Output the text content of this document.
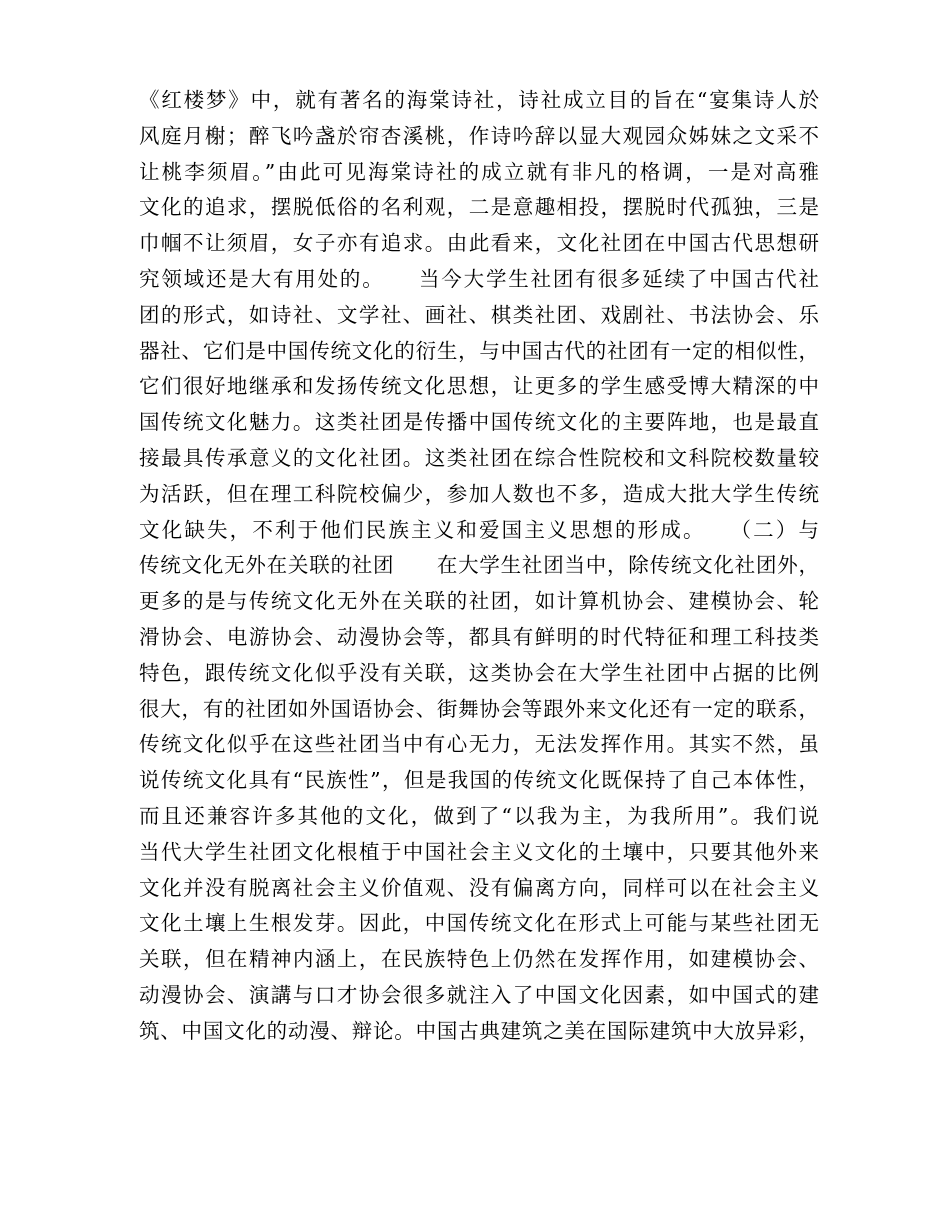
《红楼梦》中，就有著名的海棠诗社，诗社成立目的旨在“宴集诗人於
风庭月榭；醉飞吟盏於帘杏溪桃，作诗吟辞以显大观园众姊妹之文采不
让桃李须眉。”由此可见海棠诗社的成立就有非凡的格调，一是对高雅
文化的追求，摆脱低俗的名利观，二是意趣相投，摆脱时代孤独，三是
巾帼不让须眉，女子亦有追求。由此看来，文化社团在中国古代思想研
究领域还是大有用处的。　　当今大学生社团有很多延续了中国古代社
团的形式，如诗社、文学社、画社、棋类社团、戏剧社、书法协会、乐
器社、它们是中国传统文化的衍生，与中国古代的社团有一定的相似性，
它们很好地继承和发扬传统文化思想，让更多的学生感受博大精深的中
国传统文化魅力。这类社团是传播中国传统文化的主要阵地，也是最直
接最具传承意义的文化社团。这类社团在综合性院校和文科院校数量较
为活跃，但在理工科院校偏少，参加人数也不多，造成大批大学生传统
文化缺失，不利于他们民族主义和爱国主义思想的形成。　　（二）与
传统文化无外在关联的社团　　在大学生社团当中，除传统文化社团外，
更多的是与传统文化无外在关联的社团，如计算机协会、建模协会、轮
滑协会、电游协会、动漫协会等，都具有鲜明的时代特征和理工科技类
特色，跟传统文化似乎没有关联，这类协会在大学生社团中占据的比例
很大，有的社团如外国语协会、街舞协会等跟外来文化还有一定的联系，
传统文化似乎在这些社团当中有心无力，无法发挥作用。其实不然，虽
说传统文化具有“民族性”，但是我国的传统文化既保持了自己本体性，
而且还兼容许多其他的文化，做到了“以我为主，为我所用”。我们说
当代大学生社团文化根植于中国社会主义文化的土壤中，只要其他外来
文化并没有脱离社会主义价值观、没有偏离方向，同样可以在社会主义
文化土壤上生根发芽。因此，中国传统文化在形式上可能与某些社团无
关联，但在精神内涵上，在民族特色上仍然在发挥作用，如建模协会、
动漫协会、演講与口才协会很多就注入了中国文化因素，如中国式的建
筑、中国文化的动漫、辩论。中国古典建筑之美在国际建筑中大放异彩，
